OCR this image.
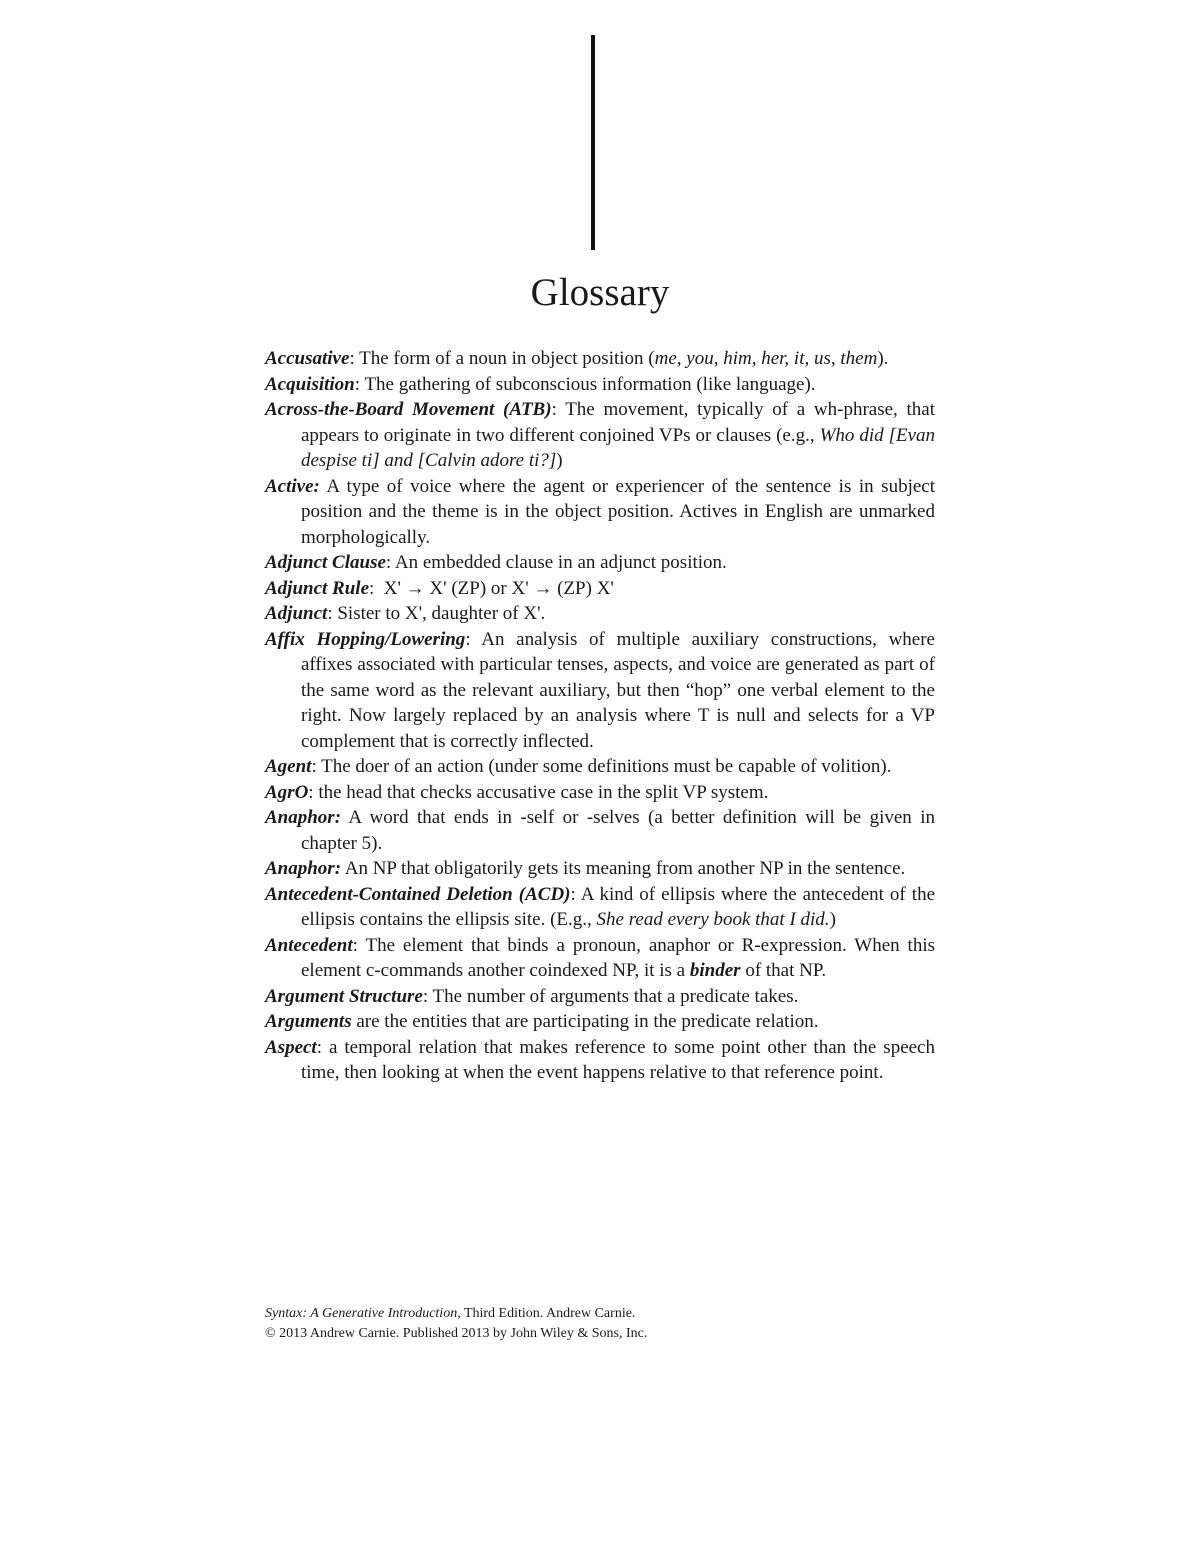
Glossary
Accusative: The form of a noun in object position (me, you, him, her, it, us, them).
Acquisition: The gathering of subconscious information (like language).
Across-the-Board Movement (ATB): The movement, typically of a wh-phrase, that appears to originate in two different conjoined VPs or clauses (e.g., Who did [Evan despise ti] and [Calvin adore ti?])
Active: A type of voice where the agent or experiencer of the sentence is in subject position and the theme is in the object position. Actives in English are unmarked morphologically.
Adjunct Clause: An embedded clause in an adjunct position.
Adjunct Rule:  X' → X' (ZP) or X' → (ZP) X'
Adjunct: Sister to X', daughter of X'.
Affix Hopping/Lowering: An analysis of multiple auxiliary constructions, where affixes associated with particular tenses, aspects, and voice are generated as part of the same word as the relevant auxiliary, but then “hop” one verbal element to the right. Now largely replaced by an analysis where T is null and selects for a VP complement that is correctly inflected.
Agent: The doer of an action (under some definitions must be capable of volition).
AgrO: the head that checks accusative case in the split VP system.
Anaphor: A word that ends in -self or -selves (a better definition will be given in chapter 5).
Anaphor: An NP that obligatorily gets its meaning from another NP in the sentence.
Antecedent-Contained Deletion (ACD): A kind of ellipsis where the antecedent of the ellipsis contains the ellipsis site. (E.g., She read every book that I did.)
Antecedent: The element that binds a pronoun, anaphor or R-expression. When this element c-commands another coindexed NP, it is a binder of that NP.
Argument Structure: The number of arguments that a predicate takes.
Arguments are the entities that are participating in the predicate relation.
Aspect: a temporal relation that makes reference to some point other than the speech time, then looking at when the event happens relative to that reference point.
Syntax: A Generative Introduction, Third Edition. Andrew Carnie.
© 2013 Andrew Carnie. Published 2013 by John Wiley & Sons, Inc.
